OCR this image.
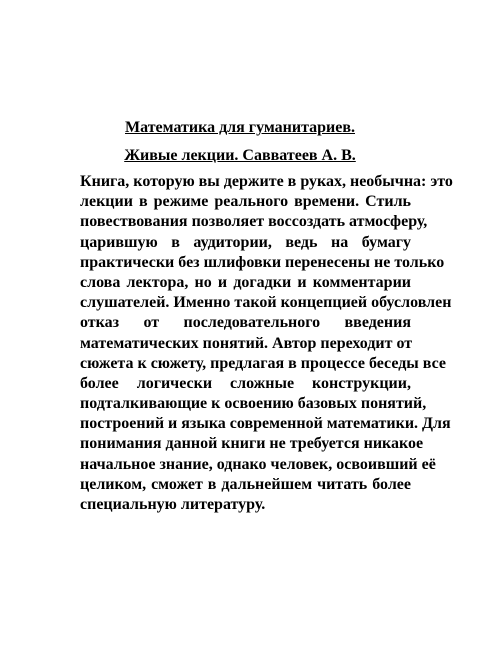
Математика для гуманитариев.
Живые лекции. Савватеев А. В.
Книга, которую вы держите в руках, необычна: это
лекции в режиме реального времени. Стиль
повествования позволяет воссоздать атмосферу,
царившую в аудитории, ведь на бумагу
практически без шлифовки перенесены не только
слова лектора, но и догадки и комментарии
слушателей. Именно такой концепцией обусловлен
отказ от последовательного введения
математических понятий. Автор переходит от
сюжета к сюжету, предлагая в процессе беседы все
более логически сложные конструкции,
подталкивающие к освоению базовых понятий,
построений и языка современной математики. Для
понимания данной книги не требуется никакое
начальное знание, однако человек, освоивший её
целиком, сможет в дальнейшем читать более
специальную литературу.
